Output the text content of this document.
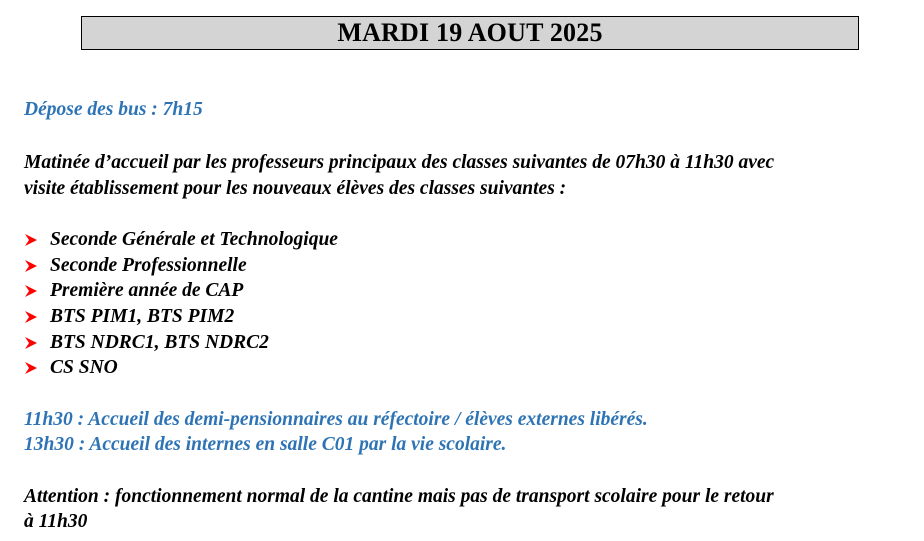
MARDI 19 AOUT 2025
Dépose des bus : 7h15
Matinée d’accueil par les professeurs principaux des classes suivantes de 07h30 à 11h30 avec
visite établissement pour les nouveaux élèves des classes suivantes :
Seconde Générale et Technologique
Seconde Professionnelle
Première année de CAP
BTS PIM1, BTS PIM2
BTS NDRC1, BTS NDRC2
CS SNO
11h30 : Accueil des demi-pensionnaires au réfectoire / élèves externes libérés.
13h30 : Accueil des internes en salle C01 par la vie scolaire.
Attention : fonctionnement normal de la cantine mais pas de transport scolaire pour le retour
à 11h30
